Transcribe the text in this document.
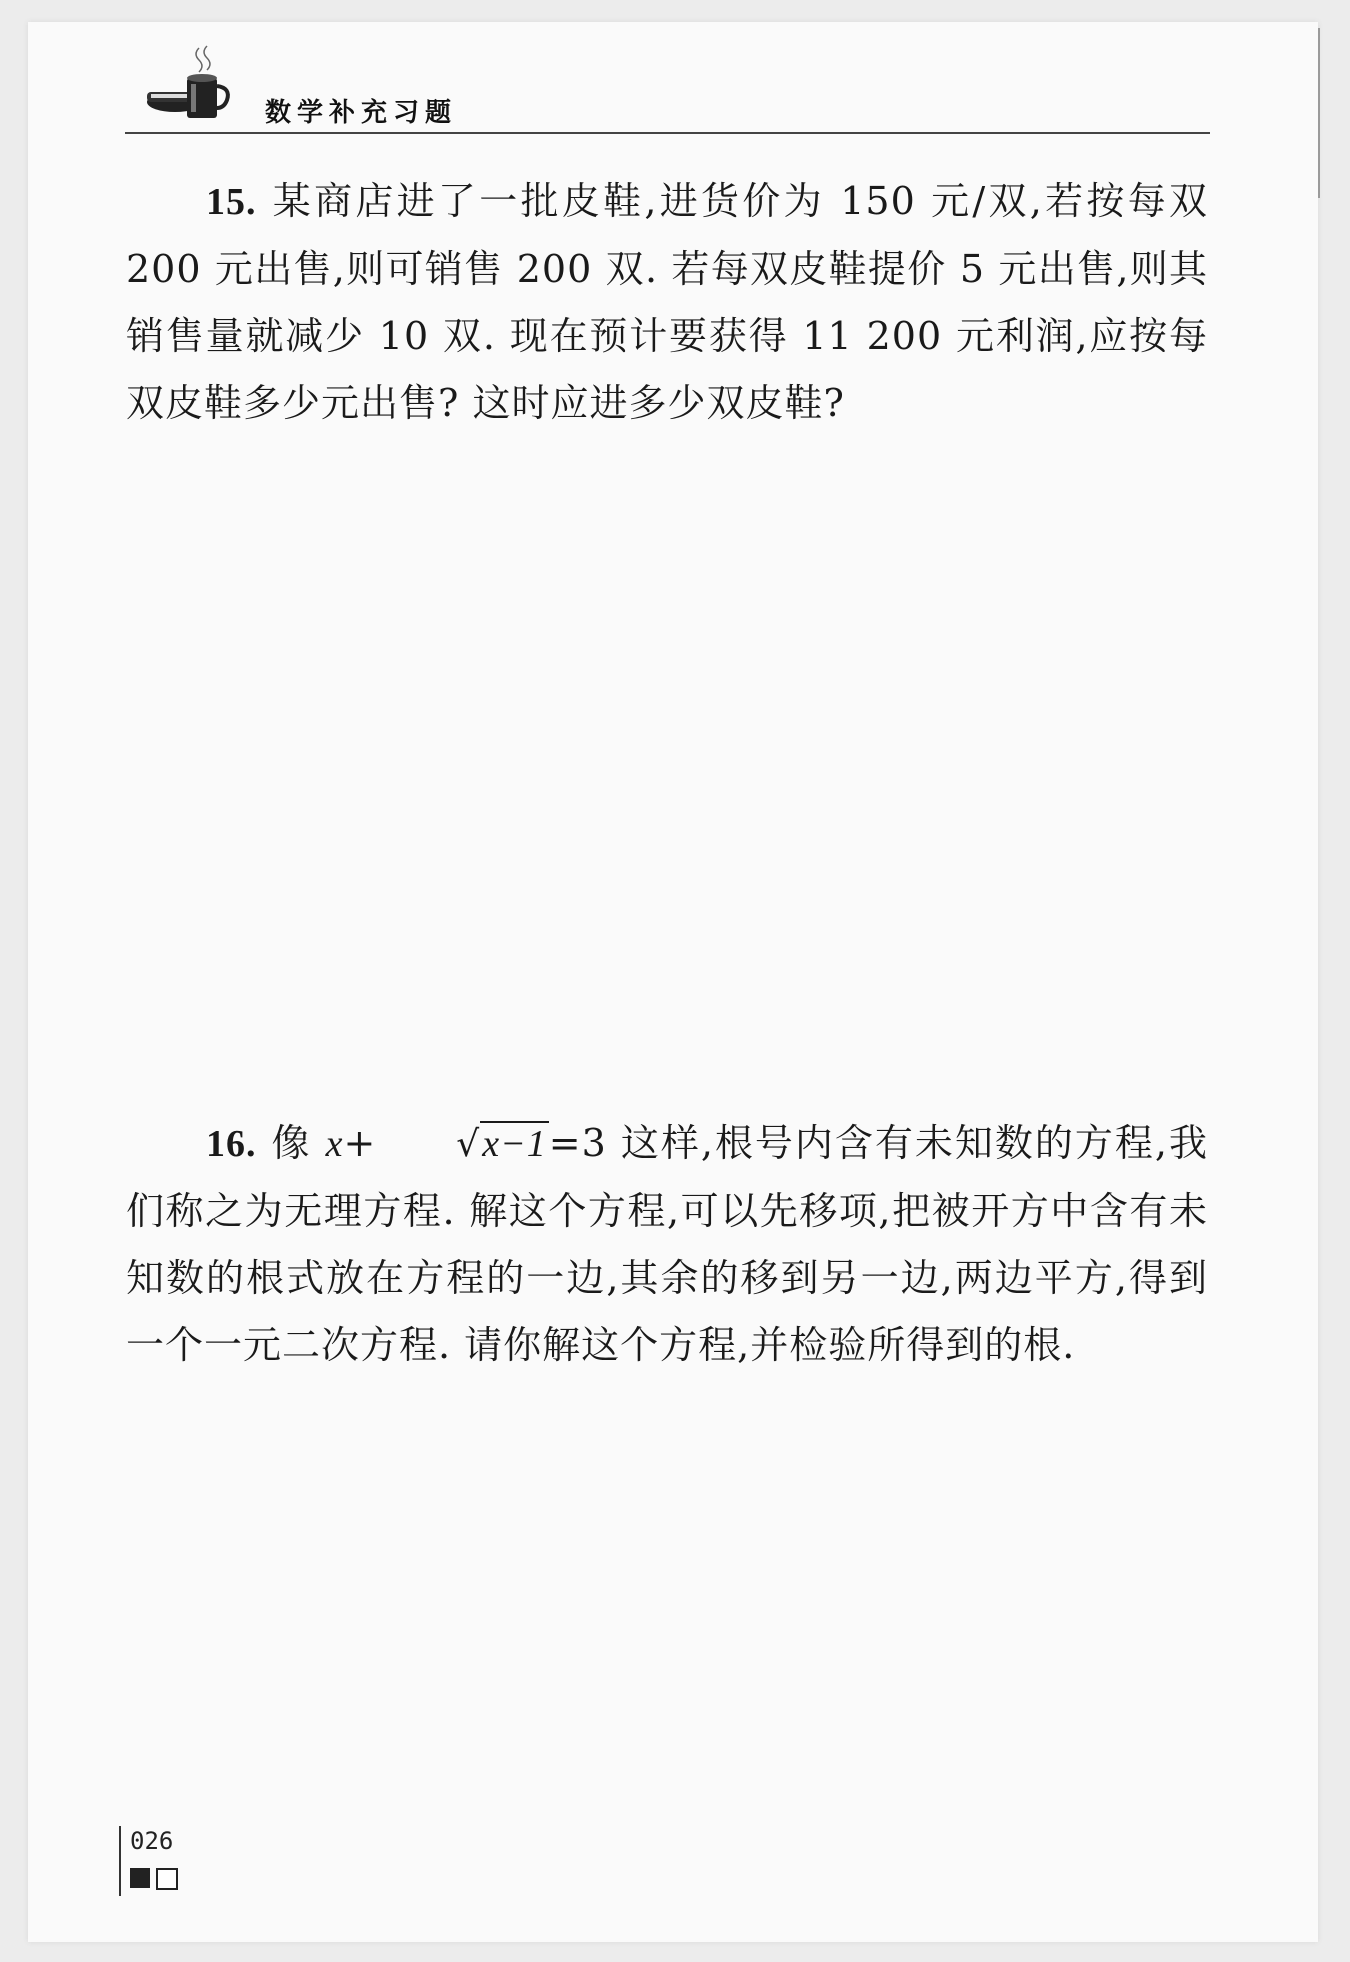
数学补充习题
15. 某商店进了一批皮鞋,进货价为 150 元/双,若按每双 200 元出售,则可销售 200 双. 若每双皮鞋提价 5 元出售,则其销售量就减少 10 双. 现在预计要获得 11 200 元利润,应按每双皮鞋多少元出售? 这时应进多少双皮鞋?
16. 像 x+ √x−1=3 这样,根号内含有未知数的方程,我们称之为无理方程. 解这个方程,可以先移项,把被开方中含有未知数的根式放在方程的一边,其余的移到另一边,两边平方,得到一个一元二次方程. 请你解这个方程,并检验所得到的根.
026
